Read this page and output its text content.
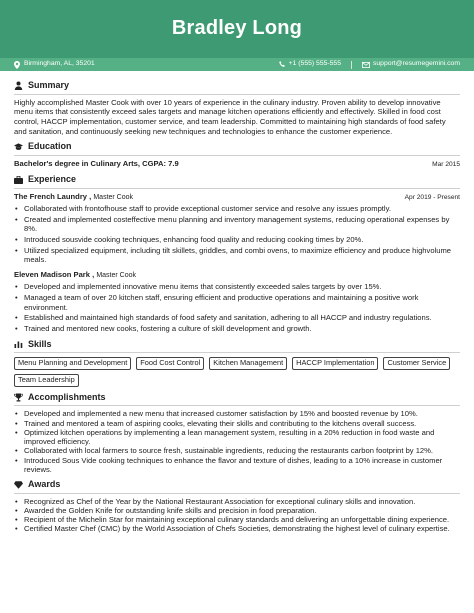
Bradley Long
Birmingham, AL, 35201	+1 (555) 555-555	support@resumegemini.com
Summary

Highly accomplished Master Cook with over 10 years of experience in the culinary industry. Proven ability to develop innovative menu items that consistently exceed sales targets and manage kitchen operations efficiently and effectively. Skilled in food cost control, HACCP implementation, customer service, and team leadership. Committed to maintaining high standards of food safety and sanitation, and continuously seeking new techniques and technologies to enhance the customer experience.

Education
Bachelor's degree in Culinary Arts, CGPA: 7.9	Mar 2015
Experience
The French Laundry , Master Cook	Apr 2019 - Present
• Collaborated with frontofhouse staff to provide exceptional customer service and resolve any issues promptly.
• Created and implemented costeffective menu planning and inventory management systems, reducing operational expenses by 8%.
• Introduced sousvide cooking techniques, enhancing food quality and reducing cooking times by 20%.
• Utilized specialized equipment, including tilt skillets, griddles, and combi ovens, to maximize efficiency and produce highvolume meals.
Eleven Madison Park , Master Cook
• Developed and implemented innovative menu items that consistently exceeded sales targets by over 15%.
• Managed a team of over 20 kitchen staff, ensuring efficient and productive operations and maintaining a positive work environment.
• Established and maintained high standards of food safety and sanitation, adhering to all HACCP and industry regulations.
• Trained and mentored new cooks, fostering a culture of skill development and growth.
Skills
Menu Planning and Development	Food Cost Control	Kitchen Management	HACCP Implementation	Customer Service
Team Leadership
Accomplishments
• Developed and implemented a new menu that increased customer satisfaction by 15% and boosted revenue by 10%.
• Trained and mentored a team of aspiring cooks, elevating their skills and contributing to the kitchens overall success.
• Optimized kitchen operations by implementing a lean management system, resulting in a 20% reduction in food waste and improved efficiency.
• Collaborated with local farmers to source fresh, sustainable ingredients, reducing the restaurants carbon footprint by 12%.
• Introduced Sous Vide cooking techniques to enhance the flavor and texture of dishes, leading to a 10% increase in customer reviews.
Awards
• Recognized as Chef of the Year by the National Restaurant Association for exceptional culinary skills and innovation.
• Awarded the Golden Knife for outstanding knife skills and precision in food preparation.
• Recipient of the Michelin Star for maintaining exceptional culinary standards and delivering an unforgettable dining experience.
• Certified Master Chef (CMC) by the World Association of Chefs Societies, demonstrating the highest level of culinary expertise.
